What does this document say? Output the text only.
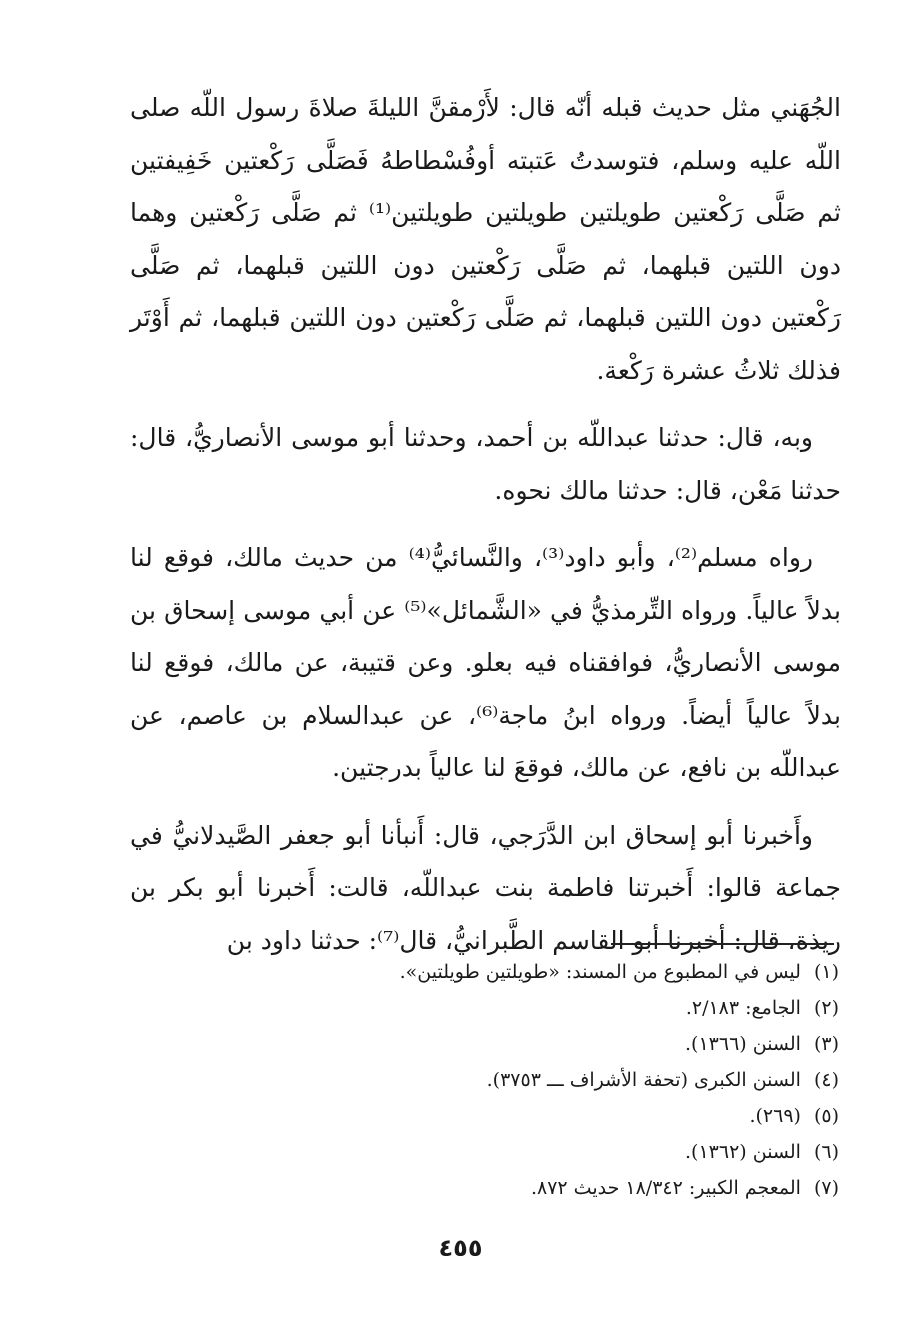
الجُهَني مثل حديث قبله أنّه قال: لأَرْمقنَّ الليلةَ صلاةَ رسول اللّه صلى اللّه عليه وسلم، فتوسدتُ عَتبته أوفُسْطاطهُ فَصَلَّى رَكْعتين خَفِيفتين ثم صَلَّى رَكْعتين طويلتين طويلتين طويلتين⁽¹⁾ ثم صَلَّى رَكْعتين وهما دون اللتين قبلهما، ثم صَلَّى رَكْعتين دون اللتين قبلهما، ثم صَلَّى رَكْعتين دون اللتين قبلهما، ثم صَلَّى رَكْعتين دون اللتين قبلهما، ثم أَوْتَر فذلك ثلاثُ عشرة رَكْعة.

وبه، قال: حدثنا عبداللّه بن أحمد، وحدثنا أبو موسى الأنصاريُّ، قال: حدثنا مَعْن، قال: حدثنا مالك نحوه.

رواه مسلم⁽²⁾، وأبو داود⁽³⁾، والنَّسائيُّ⁽⁴⁾ من حديث مالك، فوقع لنا بدلاً عالياً. ورواه التِّرمذيُّ في «الشَّمائل»⁽⁵⁾ عن أبي موسى إسحاق بن موسى الأنصاريُّ، فوافقناه فيه بعلو. وعن قتيبة، عن مالك، فوقع لنا بدلاً عالياً أيضاً. ورواه ابنُ ماجة⁽⁶⁾، عن عبدالسلام بن عاصم، عن عبداللّه بن نافع، عن مالك، فوقعَ لنا عالياً بدرجتين.

وأَخبرنا أبو إسحاق ابن الدَّرَجي، قال: أَنبأنا أبو جعفر الصَّيدلانيُّ في جماعة قالوا: أَخبرتنا فاطمة بنت عبداللّه، قالت: أَخبرنا أبو بكر بن ريذة، قال: أخبرنا أبو القاسم الطَّبرانيُّ، قال⁽⁷⁾: حدثنا داود بن

(١) ليس في المطبوع من المسند: «طويلتين طويلتين».
(٢) الجامع: ٢/١٨٣.
(٣) السنن (١٣٦٦).
(٤) السنن الكبرى (تحفة الأشراف ـــ ٣٧٥٣).
(٥) (٢٦٩).
(٦) السنن (١٣٦٢).
(٧) المعجم الكبير: ١٨/٣٤٢ حديث ٨٧٢.
٤٥٥
